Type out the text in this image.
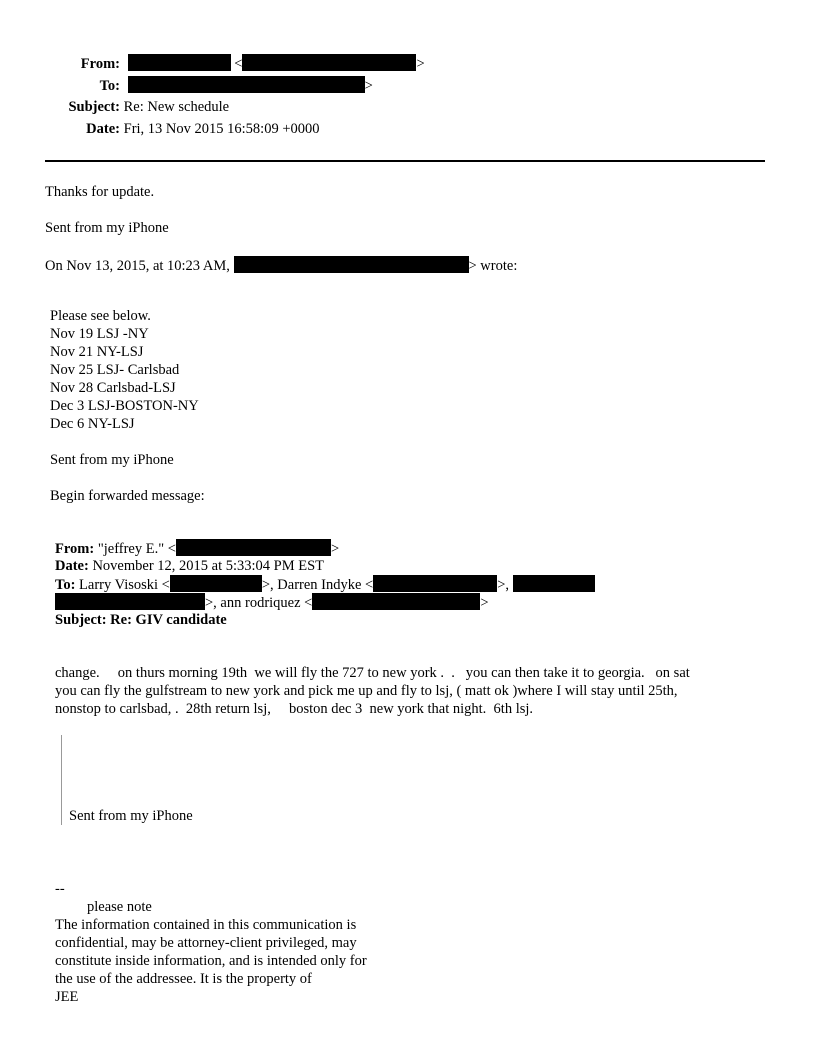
From:	<	>
To:	>
Subject: Re: New schedule
Date: Fri, 13 Nov 2015 16:58:09 +0000
Thanks for update.
Sent from my iPhone
On Nov 13, 2015, at 10:23 AM,	> wrote:
Please see below.
Nov 19 LSJ -NY
Nov 21 NY-LSJ
Nov 25 LSJ- Carlsbad
Nov 28 Carlsbad-LSJ
Dec 3 LSJ-BOSTON-NY
Dec 6 NY-LSJ
Sent from my iPhone
Begin forwarded message:
From: "jeffrey E." <	>
Date: November 12, 2015 at 5:33:04 PM EST
To: Larry Visoski <	>, Darren Indyke <	>,
>, ann rodriquez <	>
Subject: Re: GIV candidate
change.     on thurs morning 19th  we will fly the 727 to new york .  .   you can then take it to georgia.   on sat
you can fly the gulfstream to new york and pick me up and fly to lsj, ( matt ok )where I will stay until 25th,
nonstop to carlsbad, .  28th return lsj,     boston dec 3  new york that night.  6th lsj.
Sent from my iPhone
--
please note
The information contained in this communication is
confidential, may be attorney-client privileged, may
constitute inside information, and is intended only for
the use of the addressee. It is the property of
JEE
